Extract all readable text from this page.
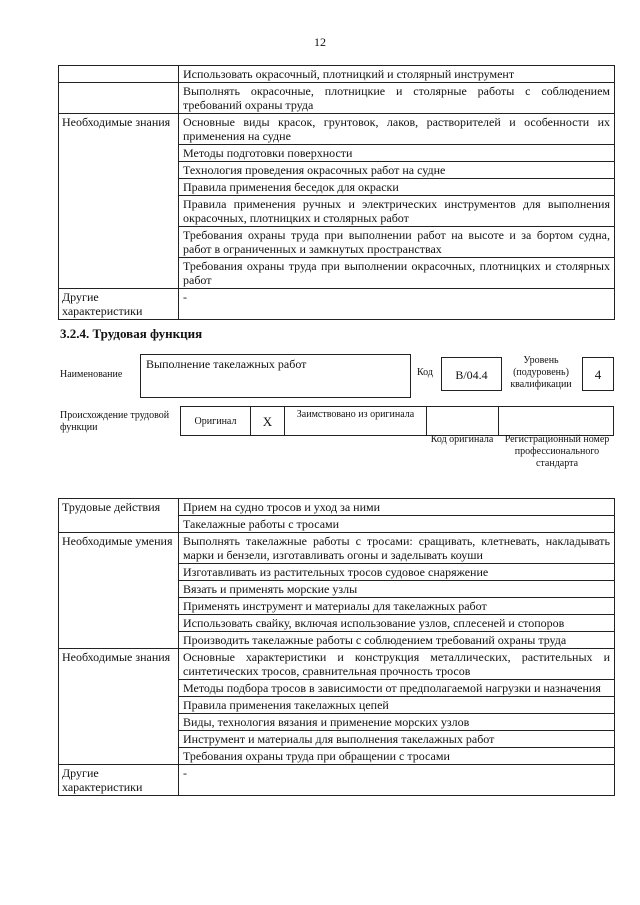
12
	Использовать окрасочный, плотницкий и столярный инструмент
	Выполнять окрасочные, плотницкие и столярные работы с соблюдением требований охраны труда
Необходимые знания	Основные виды красок, грунтовок, лаков, растворителей и особенности их применения на судне
	Методы подготовки поверхности
	Технология проведения окрасочных работ на судне
	Правила применения беседок для окраски
	Правила применения ручных и электрических инструментов для выполнения окрасочных, плотницких и столярных работ
	Требования охраны труда при выполнении работ на высоте и за бортом судна, работ в ограниченных и замкнутых пространствах
	Требования охраны труда при выполнении окрасочных, плотницких и столярных работ
Другие характеристики	-
3.2.4. Трудовая функция
Наименование
Выполнение такелажных работ
Код	B/04.4
Уровень (подуровень) квалификации
4
Происхождение трудовой функции
Оригинал	X	Заимствовано из оригинала
Код оригинала	Регистрационный номер профессионального стандарта
Трудовые действия	Прием на судно тросов и уход за ними
	Такелажные работы с тросами
Необходимые умения	Выполнять такелажные работы с тросами: сращивать, клетневать, накладывать марки и бензели, изготавливать огоны и заделывать коуши
	Изготавливать из растительных тросов судовое снаряжение
	Вязать и применять морские узлы
	Применять инструмент и материалы для такелажных работ
	Использовать свайку, включая использование узлов, сплесеней и стопоров
	Производить такелажные работы с соблюдением требований охраны труда
Необходимые знания	Основные характеристики и конструкция металлических, растительных и синтетических тросов, сравнительная прочность тросов
	Методы подбора тросов в зависимости от предполагаемой нагрузки и назначения
	Правила применения такелажных цепей
	Виды, технология вязания и применение морских узлов
	Инструмент и материалы для выполнения такелажных работ
	Требования охраны труда при обращении с тросами
Другие характеристики	-
